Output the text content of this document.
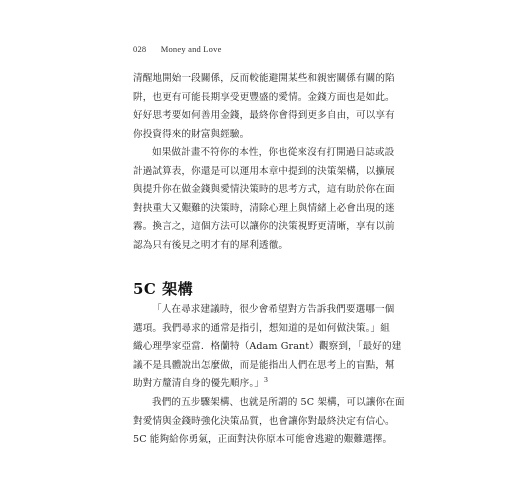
028 Money and Love
清醒地開始一段關係，反而較能避開某些和親密關係有關的陷
阱，也更有可能長期享受更豐盛的愛情。金錢方面也是如此。
好好思考要如何善用金錢，最終你會得到更多自由，可以享有
你投資得來的財富與經驗。
如果做計畫不符你的本性，你也從來沒有打開過日誌或設
計過試算表，你還是可以運用本章中提到的決策架構，以擴展
與提升你在做金錢與愛情決策時的思考方式，這有助於你在面
對抉重大又艱難的決策時，清除心理上與情緒上必會出現的迷
霧。換言之，這個方法可以讓你的決策視野更清晰，享有以前
認為只有後見之明才有的犀利透徹。
5C 架構
「人在尋求建議時，很少會希望對方告訴我們要選哪一個
選項。我們尋求的通常是指引，想知道的是如何做決策。」組
織心理學家亞當．格蘭特（Adam Grant）觀察到，「最好的建
議不是具體說出怎麼做，而是能指出人們在思考上的盲點，幫
助對方釐清自身的優先順序。」$^3$
我們的五步驟架構、也就是所謂的 5C 架構，可以讓你在面
對愛情與金錢時強化決策品質，也會讓你對最終決定有信心。
5C 能夠給你勇氣，正面對決你原本可能會逃避的艱難選擇。
